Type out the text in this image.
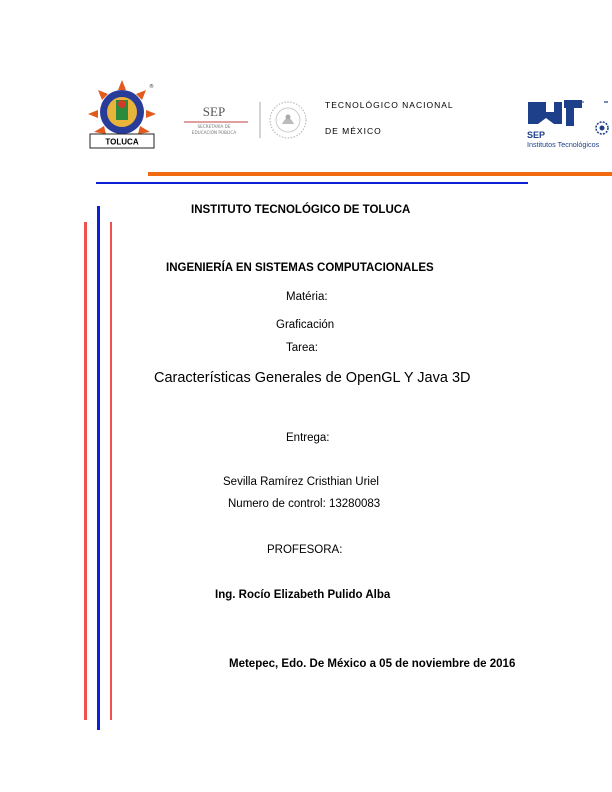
®
TOLUCA
SEP
SECRETARÍA DE
EDUCACIÓN PÚBLICA
TECNOLÓGICO NACIONAL
DE MÉXICO	SEP
Institutos Tecnológicos
INSTITUTO TECNOLÓGICO DE TOLUCA
INGENIERÍA EN SISTEMAS COMPUTACIONALES
Matéria:
Graficación
Tarea:
Características Generales de OpenGL Y Java 3D
Entrega:
Sevilla Ramírez Cristhian Uriel
Numero de control: 13280083
PROFESORA:
Ing. Rocío Elizabeth Pulido Alba
Metepec, Edo. De México a 05 de noviembre de 2016
